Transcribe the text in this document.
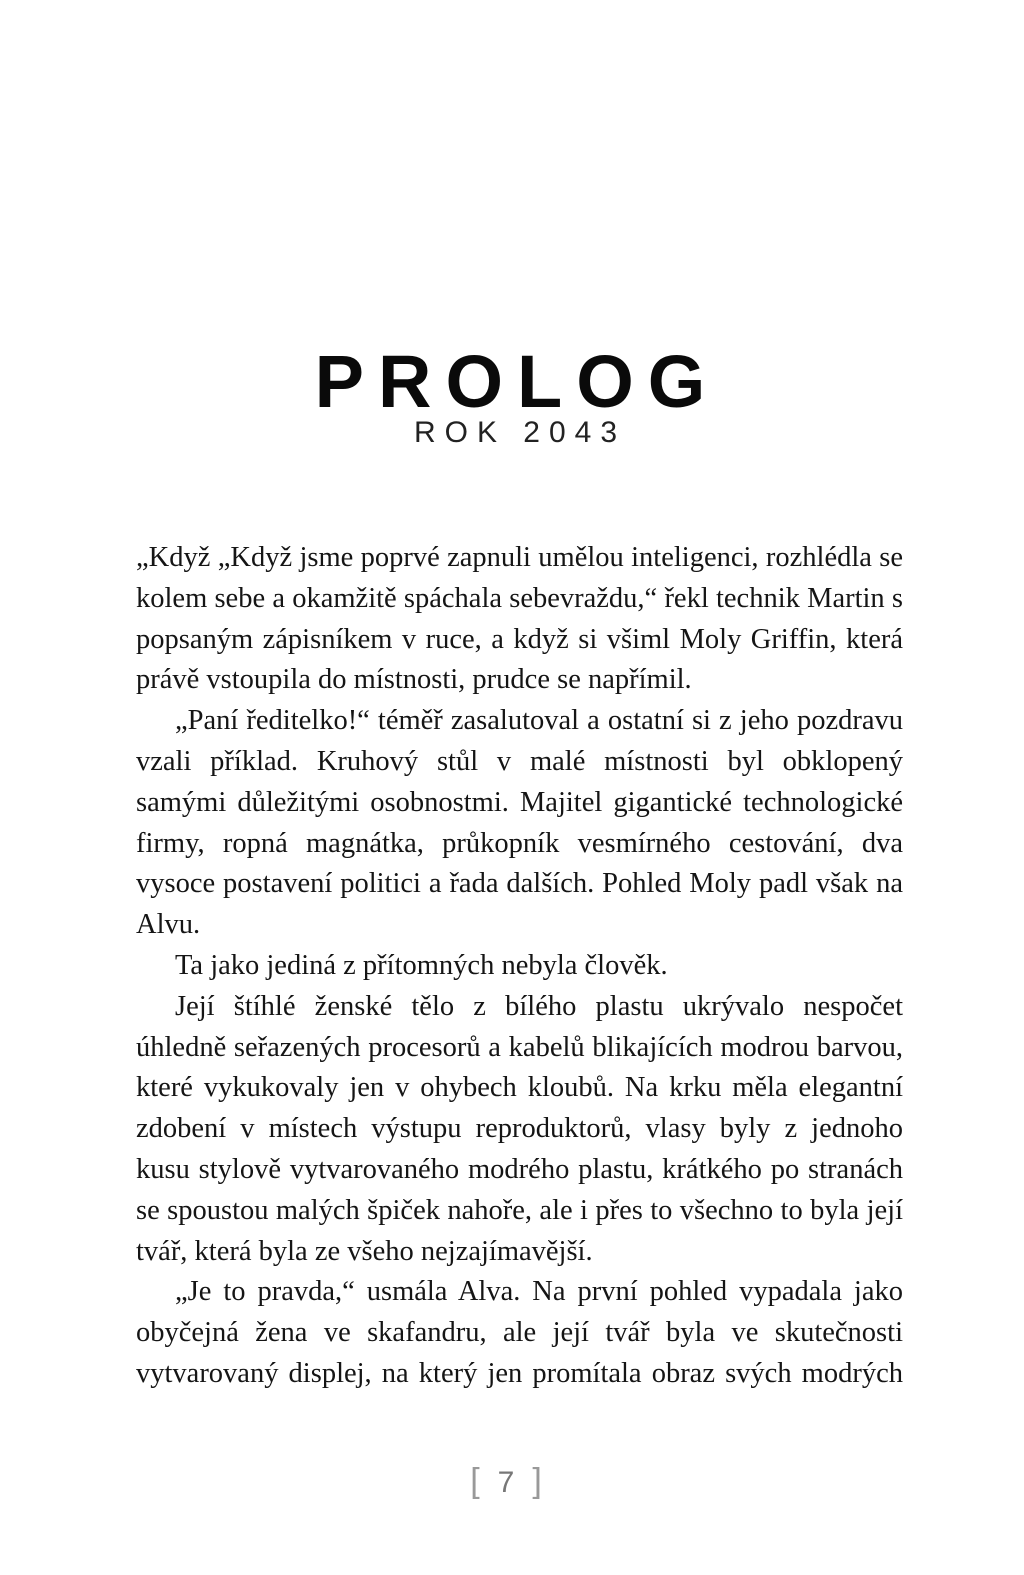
PROLOG
ROK 2043

„Když „Když jsme poprvé zapnuli umělou inteligenci, rozhlédla se kolem sebe a okamžitě spáchala sebevraždu,“ řekl technik Martin s popsaným zápisníkem v ruce, a když si všiml Moly Griffin, která právě vstoupila do místnosti, prudce se napřímil.

„Paní ředitelko!“ téměř zasalutoval a ostatní si z jeho pozdravu vzali příklad. Kruhový stůl v malé místnosti byl obklopený samými důležitými osobnostmi. Majitel gigantické technologické firmy, ropná magnátka, průkopník vesmírného cestování, dva vysoce postavení politici a řada dalších. Pohled Moly padl však na Alvu.

Ta jako jediná z přítomných nebyla člověk.

Její štíhlé ženské tělo z bílého plastu ukrývalo nespočet úhledně seřazených procesorů a kabelů blikajících modrou barvou, které vykukovaly jen v ohybech kloubů. Na krku měla elegantní zdobení v místech výstupu reproduktorů, vlasy byly z jednoho kusu stylově vytvarovaného modrého plastu, krátkého po stranách se spoustou malých špiček nahoře, ale i přes to všechno to byla její tvář, která byla ze všeho nejzajímavější.

„Je to pravda,“ usmála Alva. Na první pohled vypadala jako obyčejná žena ve skafandru, ale její tvář byla ve skutečnosti vytvarovaný displej, na který jen promítala obraz svých modrých

[ 7 ]
